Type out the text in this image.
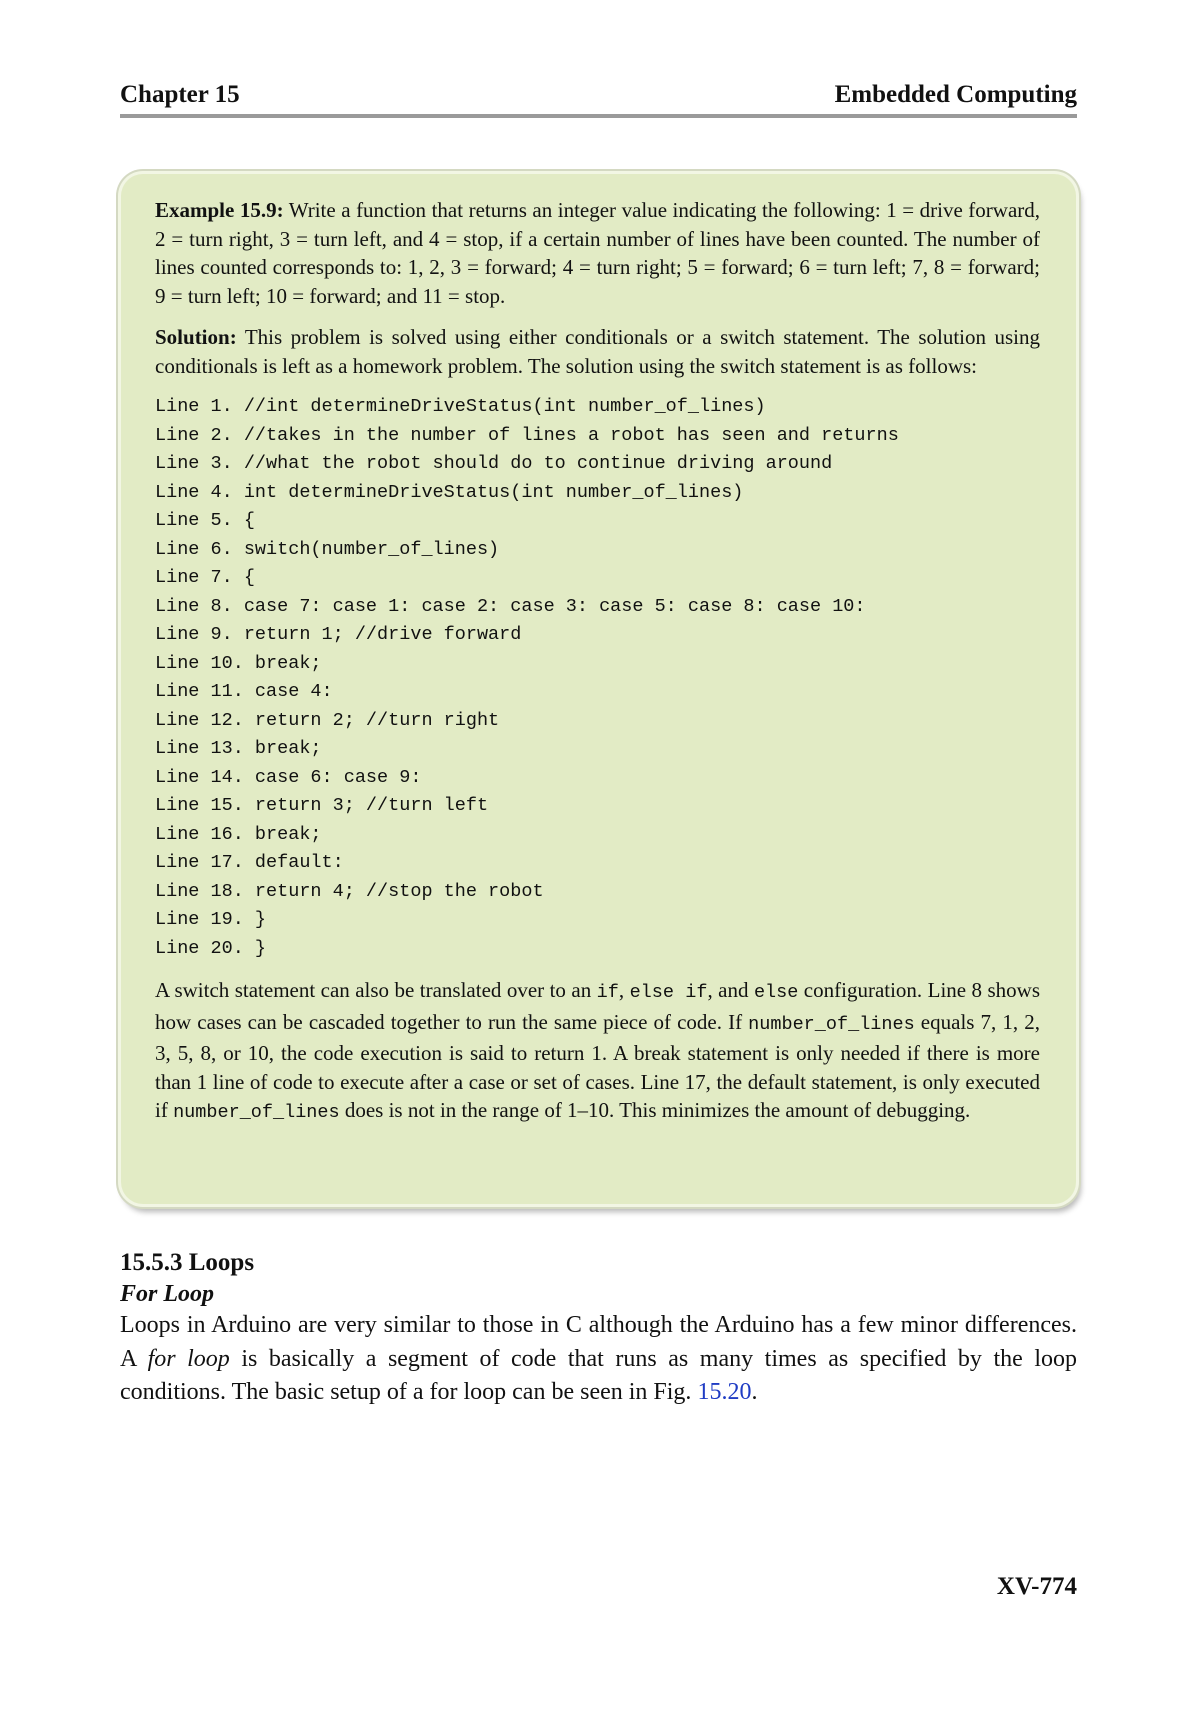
Chapter 15	Embedded Computing

Example 15.9: Write a function that returns an integer value indicating the following: 1 = drive forward, 2 = turn right, 3 = turn left, and 4 = stop, if a certain number of lines have been counted. The number of lines counted corresponds to: 1, 2, 3 = forward; 4 = turn right; 5 = forward; 6 = turn left; 7, 8 = forward; 9 = turn left; 10 = forward; and 11 = stop.

Solution: This problem is solved using either conditionals or a switch statement. The solution using conditionals is left as a homework problem. The solution using the switch statement is as follows:

Line 1. //int determineDriveStatus(int number_of_lines)
Line 2. //takes in the number of lines a robot has seen and returns
Line 3. //what the robot should do to continue driving around
Line 4. int determineDriveStatus(int number_of_lines)
Line 5. {
Line 6. switch(number_of_lines)
Line 7. {
Line 8. case 7: case 1: case 2: case 3: case 5: case 8: case 10:
Line 9. return 1; //drive forward
Line 10. break;
Line 11. case 4:
Line 12. return 2; //turn right
Line 13. break;
Line 14. case 6: case 9:
Line 15. return 3; //turn left
Line 16. break;
Line 17. default:
Line 18. return 4; //stop the robot
Line 19. }
Line 20. }

A switch statement can also be translated over to an if, else if, and else configuration. Line 8 shows how cases can be cascaded together to run the same piece of code. If number_of_lines equals 7, 1, 2, 3, 5, 8, or 10, the code execution is said to return 1. A break statement is only needed if there is more than 1 line of code to execute after a case or set of cases. Line 17, the default statement, is only executed if number_of_lines does is not in the range of 1–10. This minimizes the amount of debugging.

15.5.3 Loops
For Loop

Loops in Arduino are very similar to those in C although the Arduino has a few minor differences. A for loop is basically a segment of code that runs as many times as specified by the loop conditions. The basic setup of a for loop can be seen in Fig. 15.20.

XV-774
